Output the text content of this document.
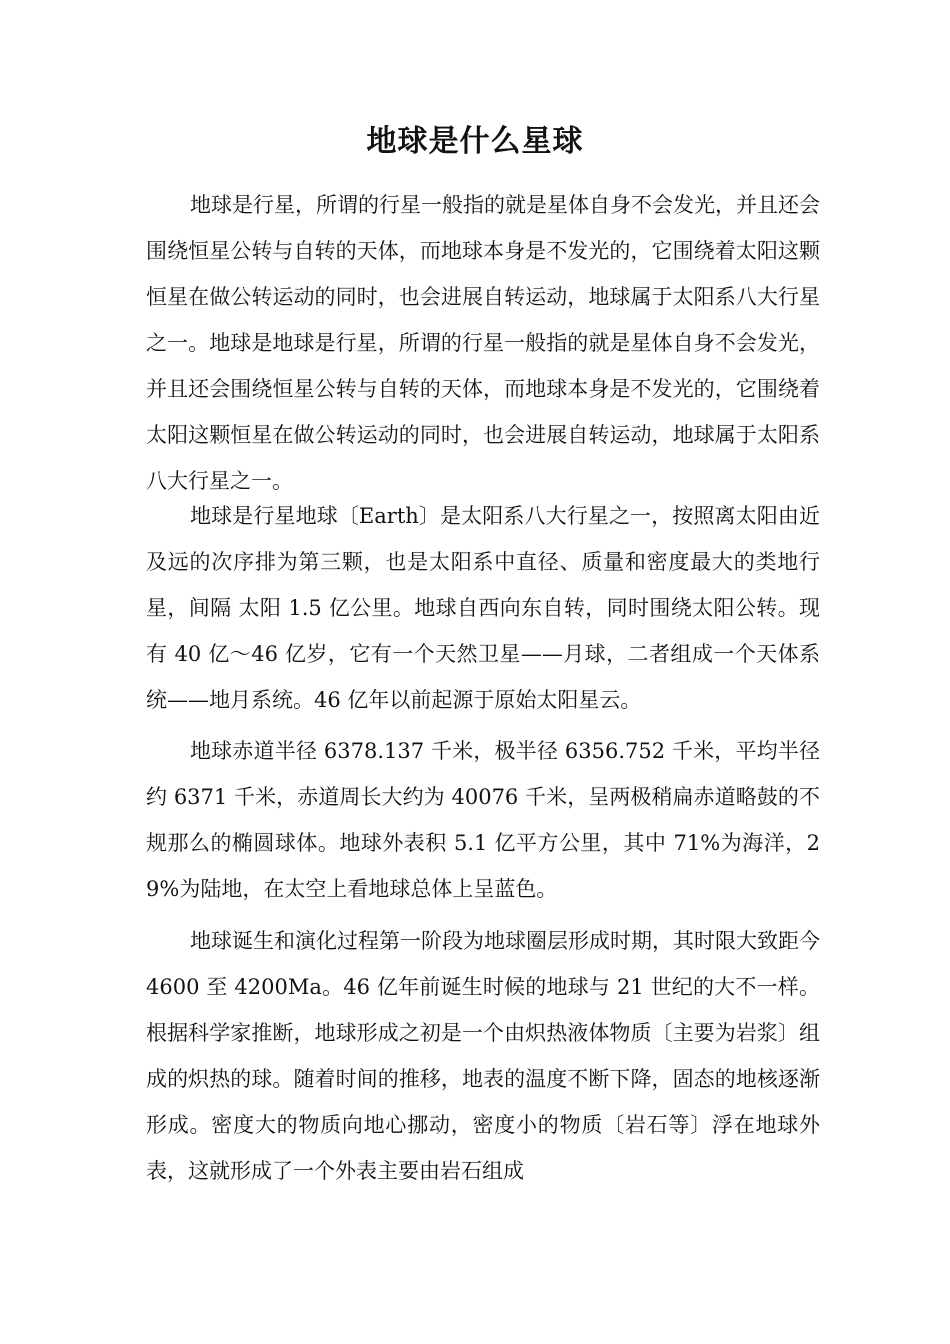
地球是什么星球

地球是行星，所谓的行星一般指的就是星体自身不会发光，并且还会围绕恒星公转与自转的天体，而地球本身是不发光的，它围绕着太阳这颗恒星在做公转运动的同时，也会进展自转运动，地球属于太阳系八大行星之一。地球是地球是行星，所谓的行星一般指的就是星体自身不会发光，并且还会围绕恒星公转与自转的天体，而地球本身是不发光的，它围绕着太阳这颗恒星在做公转运动的同时，也会进展自转运动，地球属于太阳系八大行星之一。

地球是行星地球〔Earth〕是太阳系八大行星之一，按照离太阳由近及远的次序排为第三颗，也是太阳系中直径、质量和密度最大的类地行星，间隔 太阳 1.5 亿公里。地球自西向东自转，同时围绕太阳公转。现有 40 亿～46 亿岁，它有一个天然卫星——月球，二者组成一个天体系统——地月系统。46 亿年以前起源于原始太阳星云。

地球赤道半径 6378.137 千米，极半径 6356.752 千米，平均半径约 6371 千米，赤道周长大约为 40076 千米，呈两极稍扁赤道略鼓的不规那么的椭圆球体。地球外表积 5.1 亿平方公里，其中 71%为海洋，29%为陆地，在太空上看地球总体上呈蓝色。

地球诞生和演化过程第一阶段为地球圈层形成时期，其时限大致距今 4600 至 4200Ma。46 亿年前诞生时候的地球与 21 世纪的大不一样。根据科学家推断，地球形成之初是一个由炽热液体物质〔主要为岩浆〕组成的炽热的球。随着时间的推移，地表的温度不断下降，固态的地核逐渐形成。密度大的物质向地心挪动，密度小的物质〔岩石等〕浮在地球外表，这就形成了一个外表主要由岩石组成
